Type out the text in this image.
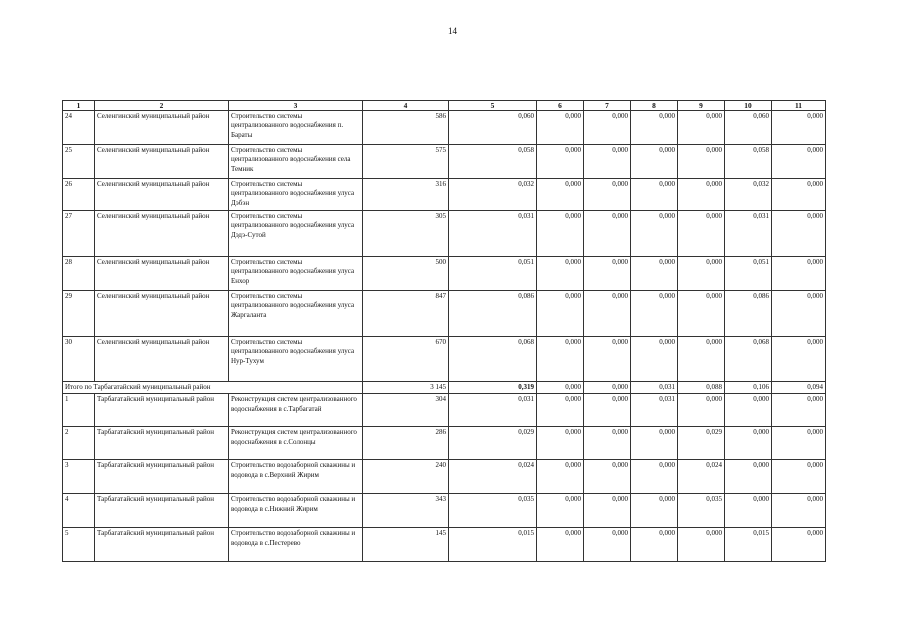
14
1	2	3	4	5	6	7	8	9	10	11
24	Селенгинский муниципальный район	Строительство системы централизованного водоснабжения п. Бараты	586	0,060	0,000	0,000	0,000	0,000	0,060	0,000
25	Селенгинский муниципальный район	Строительство системы централизованного водоснабжения села Темник	575	0,058	0,000	0,000	0,000	0,000	0,058	0,000
26	Селенгинский муниципальный район	Строительство системы централизованного водоснабжения улуса Дэбэн	316	0,032	0,000	0,000	0,000	0,000	0,032	0,000
27	Селенгинский муниципальный район	Строительство системы централизованного водоснабжения улуса Дэдэ-Сутой	305	0,031	0,000	0,000	0,000	0,000	0,031	0,000
28	Селенгинский муниципальный район	Строительство системы централизованного водоснабжения улуса Енхор	500	0,051	0,000	0,000	0,000	0,000	0,051	0,000
29	Селенгинский муниципальный район	Строительство системы централизованного водоснабжения улуса Жаргаланта	847	0,086	0,000	0,000	0,000	0,000	0,086	0,000
30	Селенгинский муниципальный район	Строительство системы централизованного водоснабжения улуса Нур-Тухум	670	0,068	0,000	0,000	0,000	0,000	0,068	0,000
Итого по Тарбагатайский муниципальный район			3 145	0,319	0,000	0,000	0,031	0,088	0,106	0,094
1	Тарбагатайский муниципальный район	Реконструкция систем централизованного водоснабжения в с.Тарбагатай	304	0,031	0,000	0,000	0,031	0,000	0,000	0,000
2	Тарбагатайский муниципальный район	Реконструкция систем централизованного водоснабжения в с.Солонцы	286	0,029	0,000	0,000	0,000	0,029	0,000	0,000
3	Тарбагатайский муниципальный район	Строительство водозаборной скважины и водовода в с.Верхний Жирим	240	0,024	0,000	0,000	0,000	0,024	0,000	0,000
4	Тарбагатайский муниципальный район	Строительство водозаборной скважины и водовода в с.Нижний Жирим	343	0,035	0,000	0,000	0,000	0,035	0,000	0,000
5	Тарбагатайский муниципальный район	Строительство водозаборной скважины и водовода в с.Пестерево	145	0,015	0,000	0,000	0,000	0,000	0,015	0,000
